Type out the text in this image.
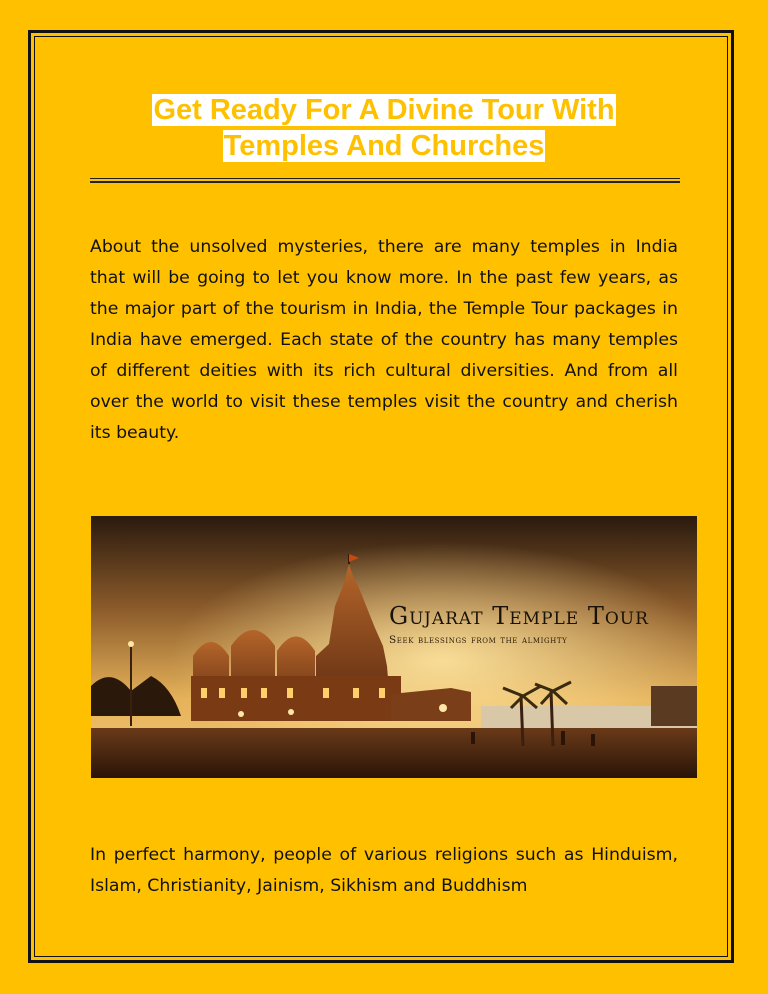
Get Ready For A Divine Tour With
Temples And Churches

About the unsolved mysteries, there are many temples in India that will be going to let you know more. In the past few years, as the major part of the tourism in India, the Temple Tour packages in India have emerged. Each state of the country has many temples of different deities with its rich cultural diversities. And from all over the world to visit these temples visit the country and cherish its beauty.

Gujarat Temple Tour
Seek blessings from the almighty

In perfect harmony, people of various religions such as Hinduism, Islam, Christianity, Jainism, Sikhism and Buddhism
